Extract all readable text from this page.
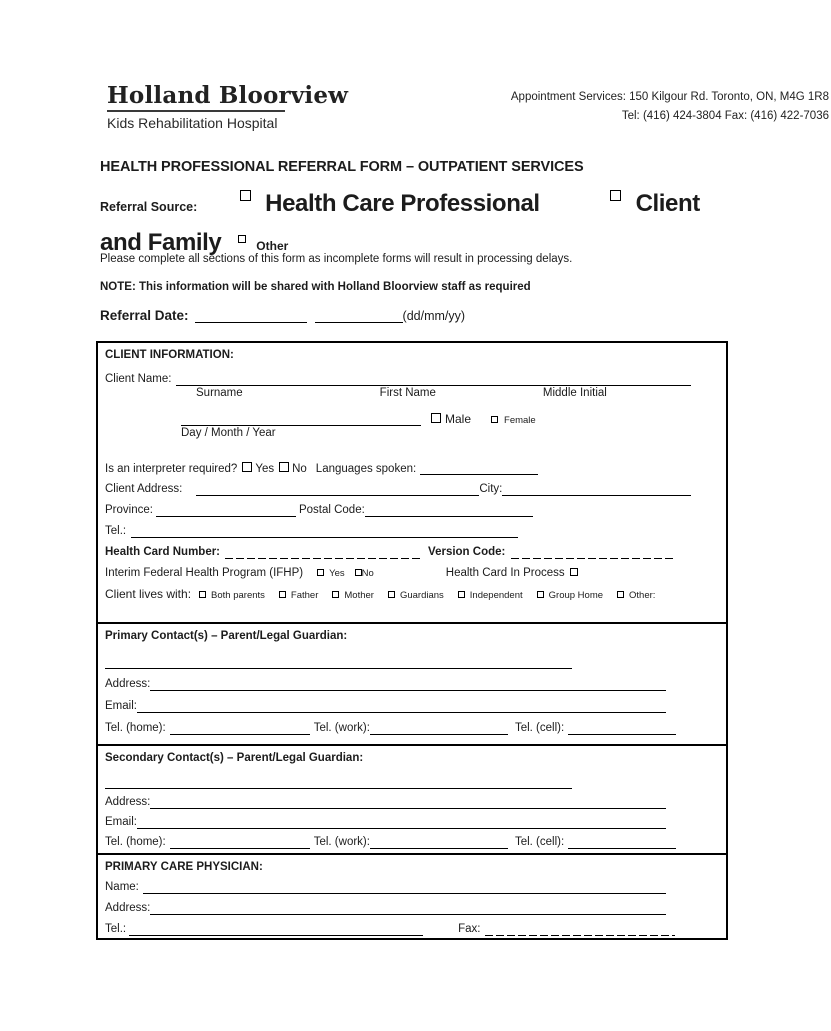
Holland Bloorview
Kids Rehabilitation Hospital
Appointment Services: 150 Kilgour Rd. Toronto, ON, M4G 1R8
Tel: (416) 424-3804 Fax: (416) 422-7036
HEALTH PROFESSIONAL REFERRAL FORM – OUTPATIENT SERVICES
Referral Source:	Health Care Professional	Client and Family	Other
Please complete all sections of this form as incomplete forms will result in processing delays.
NOTE: This information will be shared with Holland Bloorview staff as required
Referral Date:	(dd/mm/yy)
CLIENT INFORMATION:
Client Name:
Surname	First Name	Middle Initial
Male	Female
Day / Month / Year
Is an interpreter required? Yes No Languages spoken:
Client Address:	City:
Province:	Postal Code:
Tel.:
Health Card Number:	Version Code:
Interim Federal Health Program (IFHP)	Yes No	Health Card In Process
Client lives with: Both parents	Father	Mother	Guardians	Independent	Group Home	Other:
Primary Contact(s) – Parent/Legal Guardian:
Address:
Email:
Tel. (home):	Tel. (work):	Tel. (cell):
Secondary Contact(s) – Parent/Legal Guardian:
Address:
Email:
Tel. (home):	Tel. (work):	Tel. (cell):
PRIMARY CARE PHYSICIAN:
Name:
Address:
Tel.:	Fax:
